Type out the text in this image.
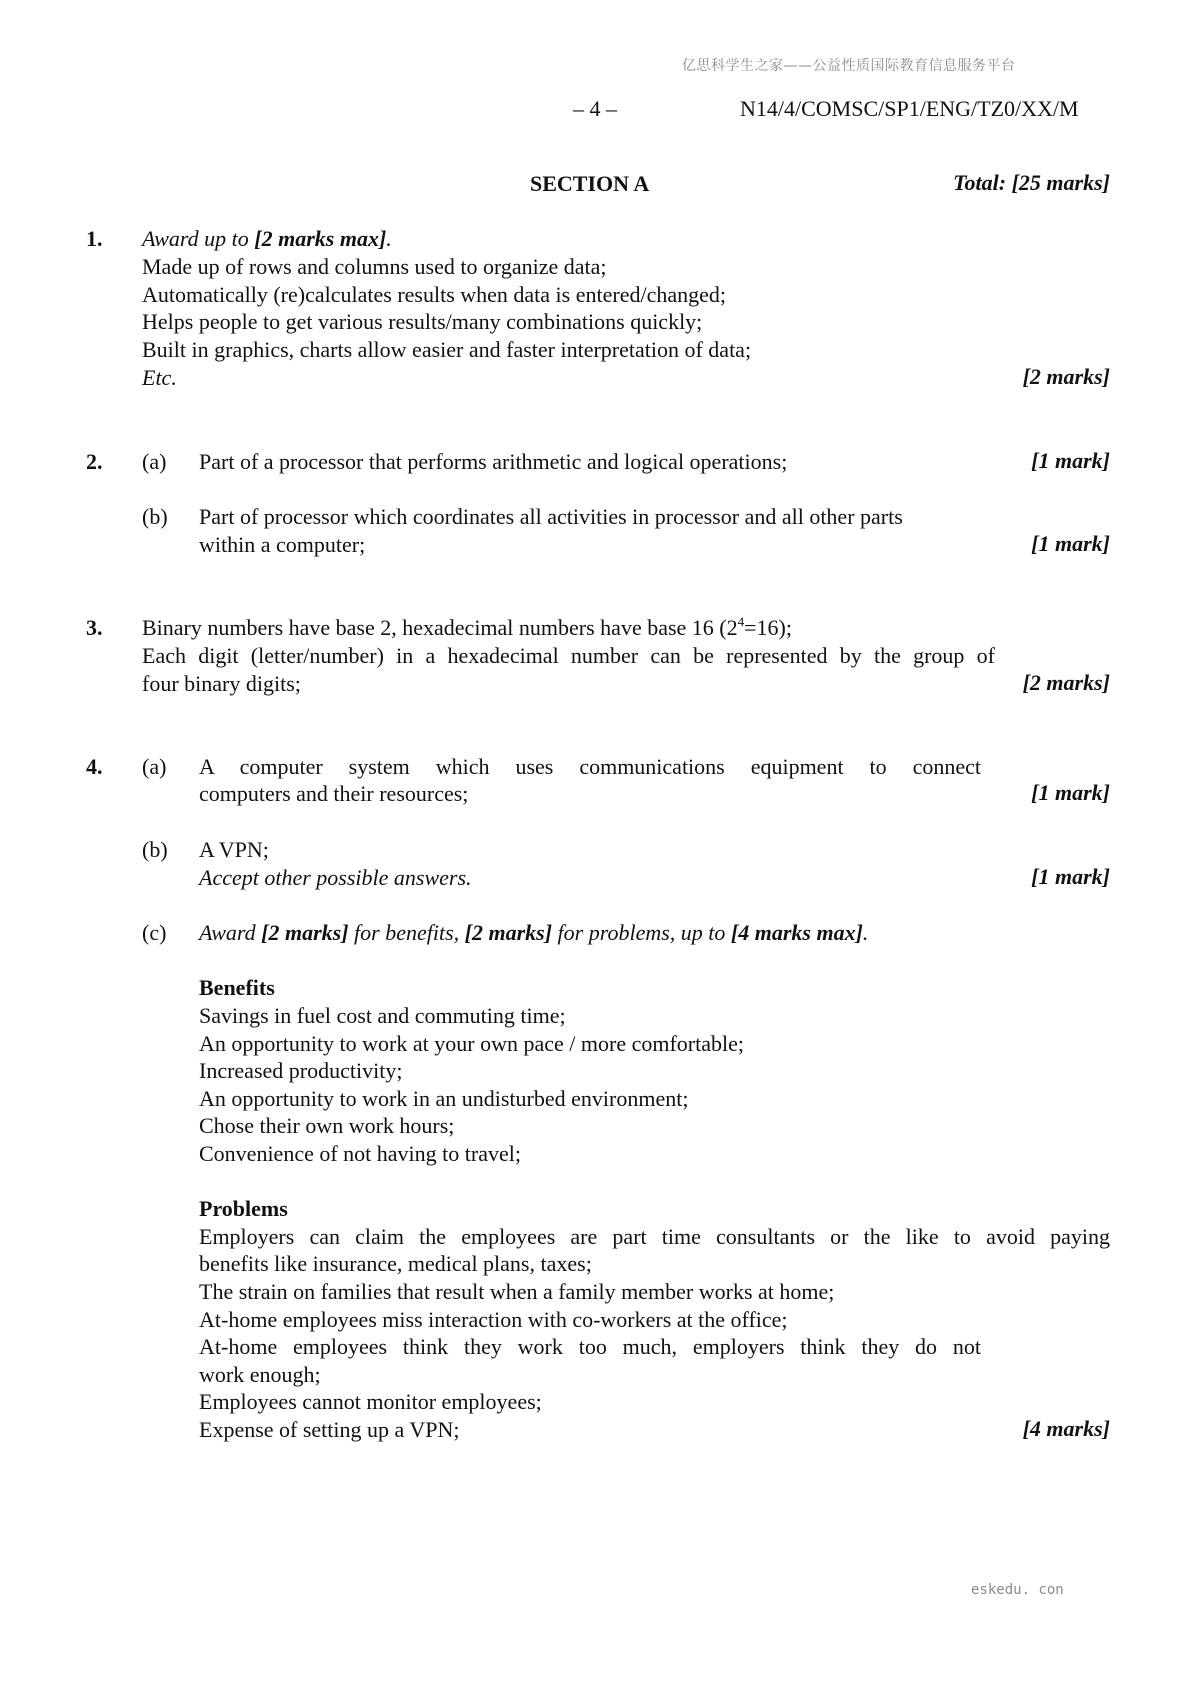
亿思科学生之家——公益性质国际教育信息服务平台
eskedu. con
– 4 –	N14/4/COMSC/SP1/ENG/TZ0/XX/M
SECTION A	Total: [25 marks]
1. Award up to [2 marks max].
Made up of rows and columns used to organize data;
Automatically (re)calculates results when data is entered/changed;
Helps people to get various results/many combinations quickly;
Built in graphics, charts allow easier and faster interpretation of data;
Etc.	[2 marks]
2. (a) Part of a processor that performs arithmetic and logical operations;	[1 mark]
(b) Part of processor which coordinates all activities in processor and all other parts
within a computer;	[1 mark]
3. Binary numbers have base 2, hexadecimal numbers have base 16 $(2^4=16)$;
Each digit (letter/number) in a hexadecimal number can be represented by the group of
four binary digits;	[2 marks]
4. (a) A computer system which uses communications equipment to connect
computers and their resources;	[1 mark]
(b) A VPN;
Accept other possible answers.	[1 mark]
(c) Award [2 marks] for benefits, [2 marks] for problems, up to [4 marks max].
Benefits
Savings in fuel cost and commuting time;
An opportunity to work at your own pace / more comfortable;
Increased productivity;
An opportunity to work in an undisturbed environment;
Chose their own work hours;
Convenience of not having to travel;
Problems
Employers can claim the employees are part time consultants or the like to avoid paying
benefits like insurance, medical plans, taxes;
The strain on families that result when a family member works at home;
At-home employees miss interaction with co-workers at the office;
At-home employees think they work too much, employers think they do not
work enough;
Employees cannot monitor employees;
Expense of setting up a VPN;	[4 marks]
